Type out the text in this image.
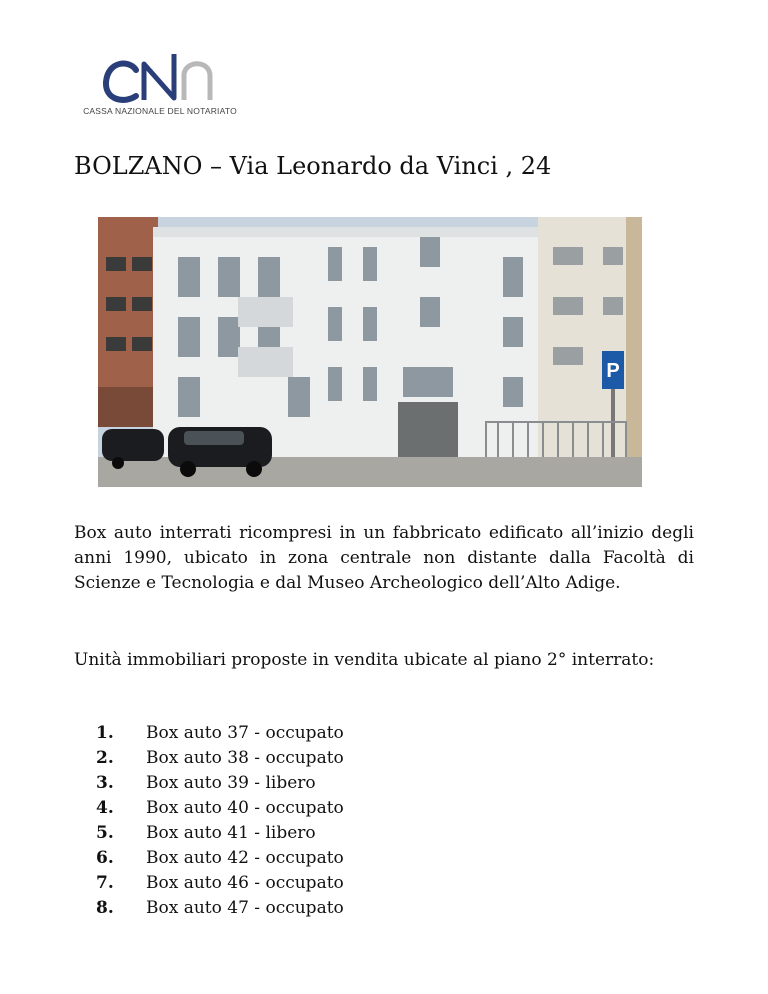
CASSA NAZIONALE DEL NOTARIATO
BOLZANO – Via Leonardo da Vinci , 24
P

Box auto interrati ricompresi in un fabbricato edificato all’inizio degli anni 1990, ubicato in zona centrale non distante dalla Facoltà di Scienze e Tecnologia e dal Museo Archeologico dell’Alto Adige.

Unità immobiliari proposte in vendita ubicate al piano 2° interrato:

1.	Box auto 37 - occupato
2.	Box auto 38 - occupato
3.	Box auto 39 - libero
4.	Box auto 40 - occupato
5.	Box auto 41 - libero
6.	Box auto 42 - occupato
7.	Box auto 46 - occupato
8.	Box auto 47 - occupato
